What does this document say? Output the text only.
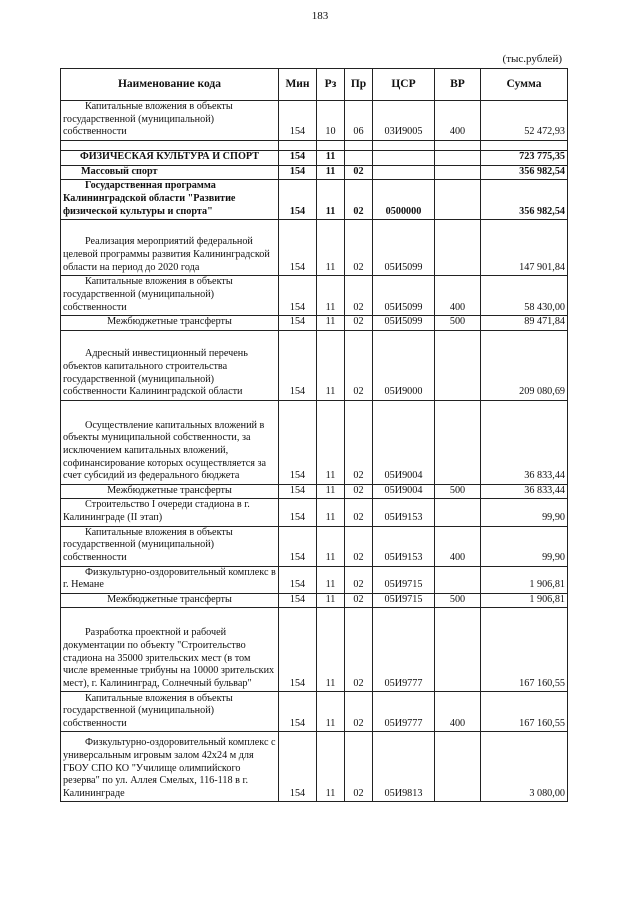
183
(тыс.рублей)
Наименование кода	Мин	Рз	Пр	ЦСР	ВР	Сумма
Капитальные вложения в объекты государственной (муниципальной) собственности	154	10	06	03И9005	400	52 472,93

ФИЗИЧЕСКАЯ КУЛЬТУРА И СПОРТ	154	11				723 775,35
Массовый спорт	154	11	02			356 982,54
Государственная программа Калининградской области "Развитие физической культуры и спорта"	154	11	02	0500000		356 982,54
Реализация мероприятий федеральной целевой программы развития Калининградской области на период до 2020 года	154	11	02	05И5099		147 901,84
Капитальные вложения в объекты государственной (муниципальной) собственности	154	11	02	05И5099	400	58 430,00
Межбюджетные трансферты	154	11	02	05И5099	500	89 471,84
Адресный инвестиционный перечень объектов капитального строительства государственной (муниципальной) собственности Калининградской области	154	11	02	05И9000		209 080,69
Осуществление капитальных вложений в объекты муниципальной собственности, за исключением капитальных вложений, софинансирование которых осуществляется за счет субсидий из федерального бюджета	154	11	02	05И9004		36 833,44
Межбюджетные трансферты	154	11	02	05И9004	500	36 833,44
Строительство I очереди стадиона в г. Калининграде (II этап)	154	11	02	05И9153		99,90
Капитальные вложения в объекты государственной (муниципальной) собственности	154	11	02	05И9153	400	99,90
Физкультурно-оздоровительный комплекс в г. Немане	154	11	02	05И9715		1 906,81
Межбюджетные трансферты	154	11	02	05И9715	500	1 906,81
Разработка проектной и рабочей документации по объекту "Строительство стадиона на 35000 зрительских мест (в том числе временные трибуны на 10000 зрительских мест), г. Калининград, Солнечный бульвар"	154	11	02	05И9777		167 160,55
Капитальные вложения в объекты государственной (муниципальной) собственности	154	11	02	05И9777	400	167 160,55
Физкультурно-оздоровительный комплекс с универсальным игровым залом 42х24 м для ГБОУ СПО КО "Училище олимпийского резерва" по ул. Аллея Смелых, 116-118 в г. Калининграде	154	11	02	05И9813		3 080,00
